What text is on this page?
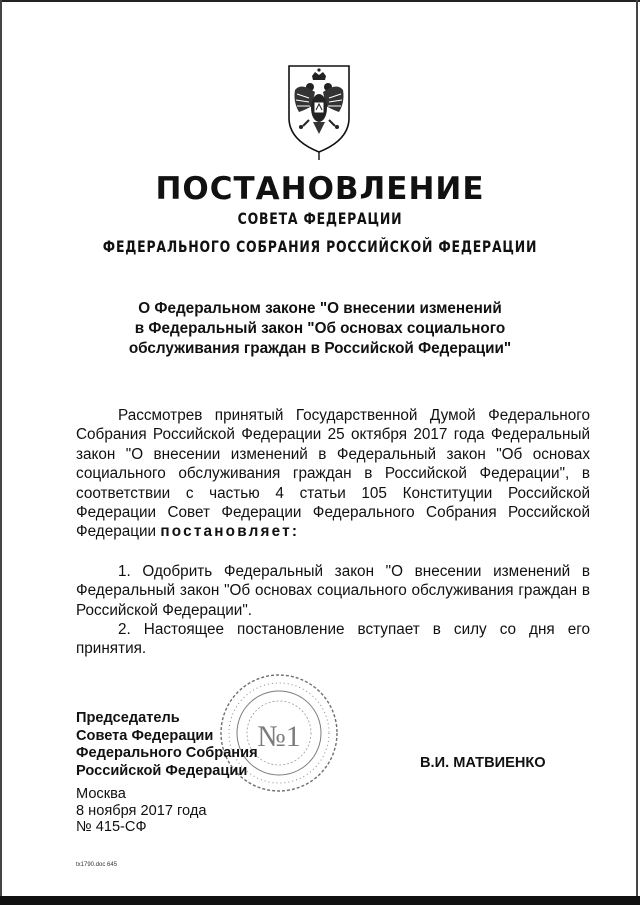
ПОСТАНОВЛЕНИЕ
СОВЕТА ФЕДЕРАЦИИ
ФЕДЕРАЛЬНОГО СОБРАНИЯ РОССИЙСКОЙ ФЕДЕРАЦИИ
О Федеральном законе "О внесении изменений
в Федеральный закон "Об основах социального
обслуживания граждан в Российской Федерации"

Рассмотрев принятый Государственной Думой Федерального Собрания Российской Федерации 25 октября 2017 года Федеральный закон "О внесении изменений в Федеральный закон "Об основах социального обслуживания граждан в Российской Федерации", в соответствии с частью 4 статьи 105 Конституции Российской Федерации Совет Федерации Федерального Собрания Российской Федерации постановляет:

1. Одобрить Федеральный закон "О внесении изменений в Федеральный закон "Об основах социального обслуживания граждан в Российской Федерации".

2. Настоящее постановление вступает в силу со дня его принятия.

№1
Председатель
Совета Федерации
Федерального Собрания
Российской Федерации	В.И. МАТВИЕНКО
Москва
8 ноября 2017 года
№ 415-СФ
tx1790.doc 645
